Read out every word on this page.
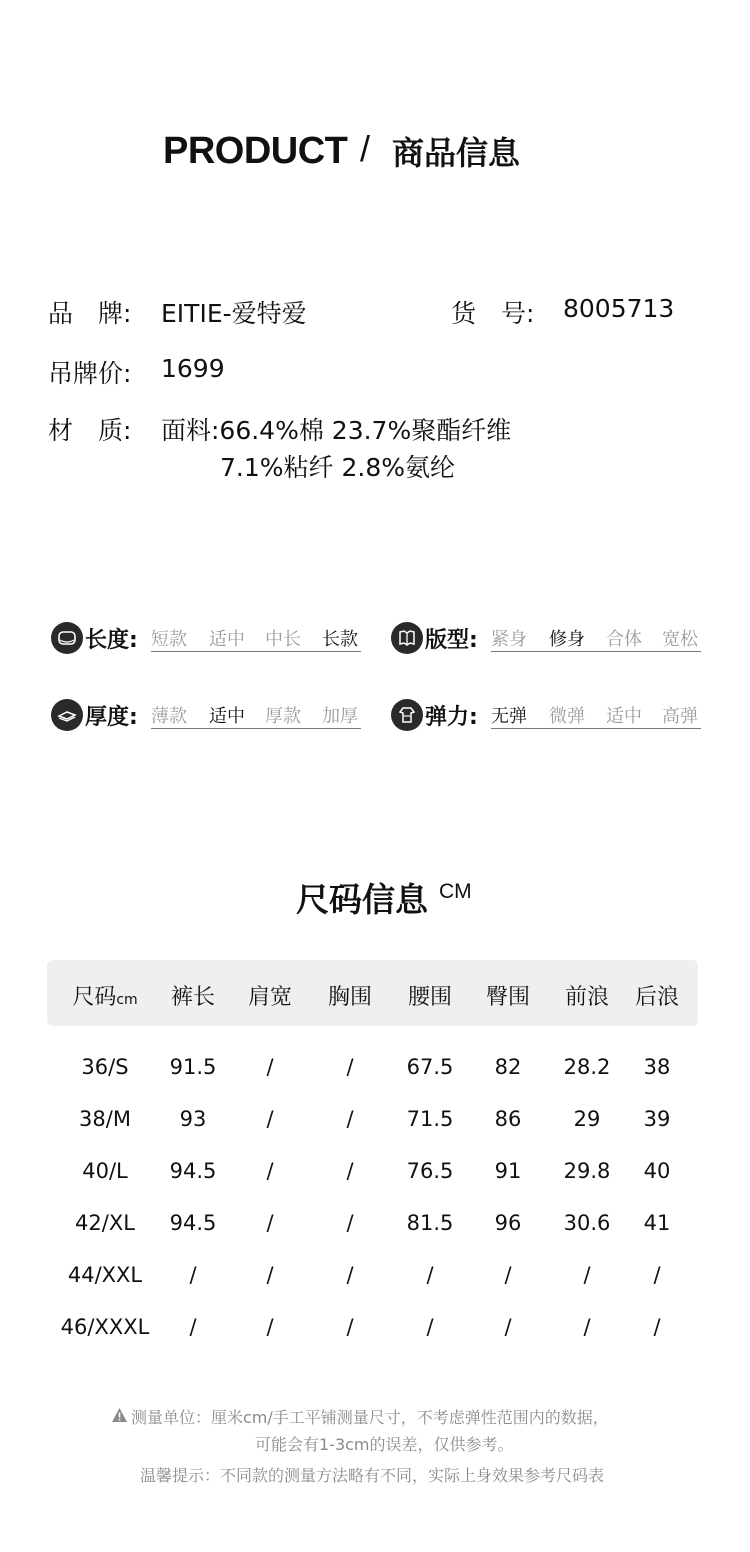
PRODUCT / 商品信息
品　牌: EITIE-爱特爱	货　号: 8005713
吊牌价: 1699
材　质: 面料:66.4%棉 23.7%聚酯纤维
7.1%粘纤 2.8%氨纶
长度: 短款 适中 中长 长款	版型: 紧身 修身 合体 宽松
厚度: 薄款 适中 厚款 加厚	弹力: 无弹 微弹 适中 高弹
尺码信息 CM
尺码cm	裤长	肩宽	胸围	腰围	臀围	前浪	后浪
36/S	91.5	/	/	67.5	82	28.2	38
38/M	93	/	/	71.5	86	29	39
40/L	94.5	/	/	76.5	91	29.8	40
42/XL	94.5	/	/	81.5	96	30.6	41
44/XXL	/	/	/	/	/	/	/
46/XXXL	/	/	/	/	/	/	/
测量单位：厘米cm/手工平铺测量尺寸，不考虑弹性范围内的数据，
可能会有1-3cm的误差，仅供参考。
温馨提示：不同款的测量方法略有不同，实际上身效果参考尺码表
